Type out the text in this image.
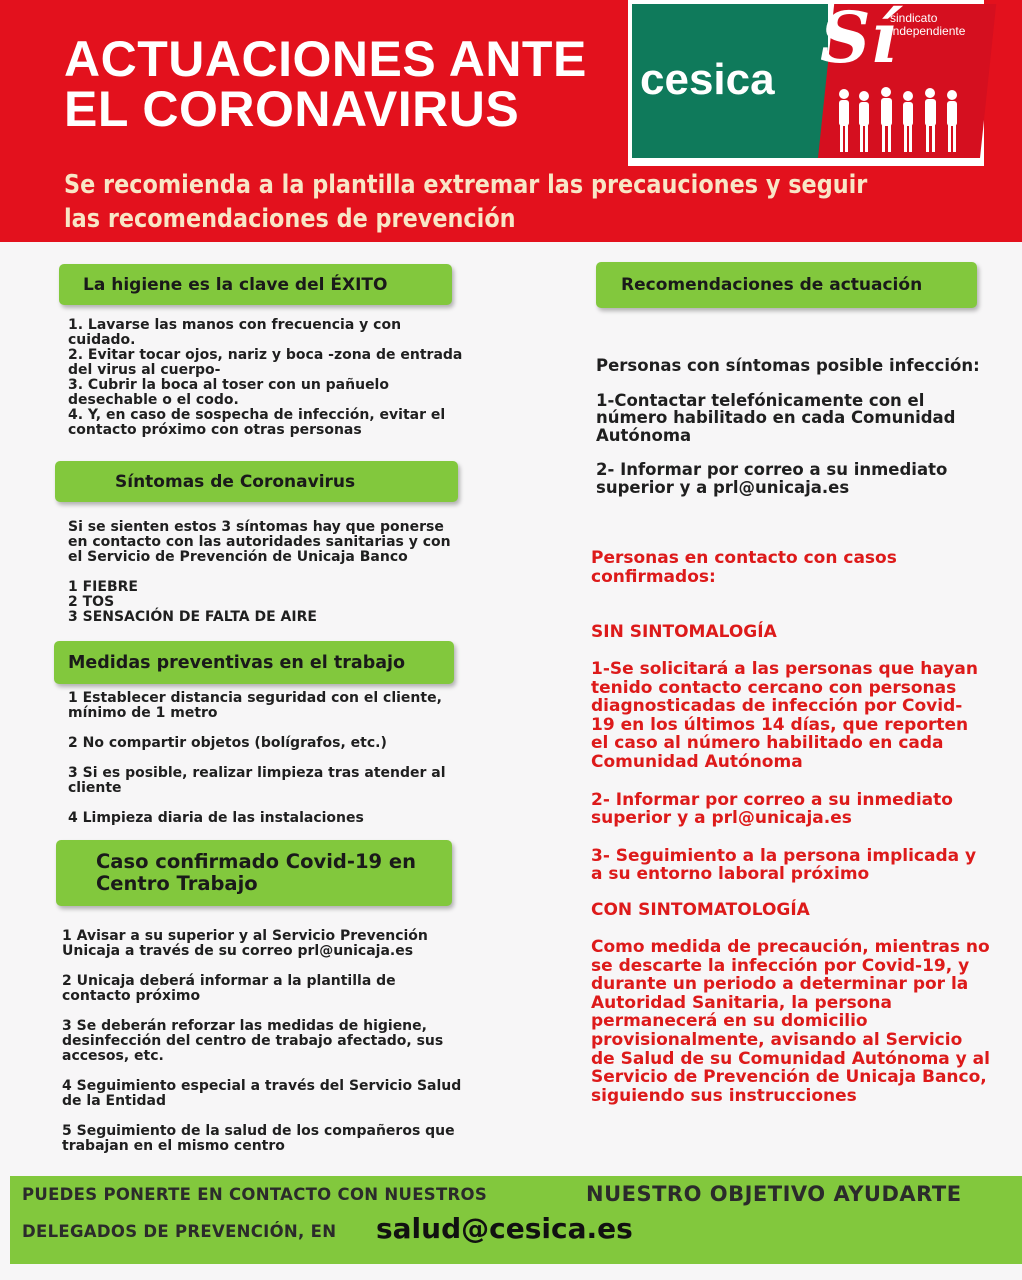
ACTUACIONES ANTE
EL CORONAVIRUS
Se recomienda a la plantilla extremar las precauciones y seguir
las recomendaciones de prevención
cesica
Sí
sindicato
independiente
La higiene es la clave del ÉXITO

1. Lavarse las manos con frecuencia y con cuidado.

2. Evitar tocar ojos, nariz y boca -zona de entrada del virus al cuerpo-

3. Cubrir la boca al toser con un pañuelo desechable o el codo.

4. Y, en caso de sospecha de infección, evitar el contacto próximo con otras personas

Síntomas de Coronavirus

Si se sienten estos 3 síntomas hay que ponerse en contacto con las autoridades sanitarias y con el Servicio de Prevención de Unicaja Banco

1 FIEBRE

2 TOS

3 SENSACIÓN DE FALTA DE AIRE

Medidas preventivas en el trabajo

1 Establecer distancia seguridad con el cliente, mínimo de 1 metro

2 No compartir objetos (bolígrafos, etc.)

3 Si es posible, realizar limpieza tras atender al cliente

4 Limpieza diaria de las instalaciones

Caso confirmado Covid-19 en
Centro Trabajo

1 Avisar a su superior y al Servicio Prevención Unicaja a través de su correo prl@unicaja.es

2 Unicaja deberá informar a la plantilla de contacto próximo

3 Se deberán reforzar las medidas de higiene, desinfección del centro de trabajo afectado, sus accesos, etc.

4 Seguimiento especial a través del Servicio Salud de la Entidad

5 Seguimiento de la salud de los compañeros que trabajan en el mismo centro

Recomendaciones de actuación

Personas con síntomas posible infección:

1-Contactar telefónicamente con el número habilitado en cada Comunidad Autónoma

2- Informar por correo a su inmediato superior y a prl@unicaja.es

Personas en contacto con casos confirmados:
SIN SINTOMALOGÍA

1-Se solicitará a las personas que hayan tenido contacto cercano con personas diagnosticadas de infección por Covid-19 en los últimos 14 días, que reporten el caso al número habilitado en cada Comunidad Autónoma

2- Informar por correo a su inmediato superior y a prl@unicaja.es

3- Seguimiento a la persona implicada y a su entorno laboral próximo

CON SINTOMATOLOGÍA
Como medida de precaución, mientras no se descarte la infección por Covid-19, y durante un periodo a determinar por la Autoridad Sanitaria, la persona permanecerá en su domicilio provisionalmente, avisando al Servicio de Salud de su Comunidad Autónoma y al Servicio de Prevención de Unicaja Banco, siguiendo sus instrucciones
PUEDES PONERTE EN CONTACTO CON NUESTROS
DELEGADOS DE PREVENCIÓN, EN salud@cesica.es
NUESTRO OBJETIVO AYUDARTE
